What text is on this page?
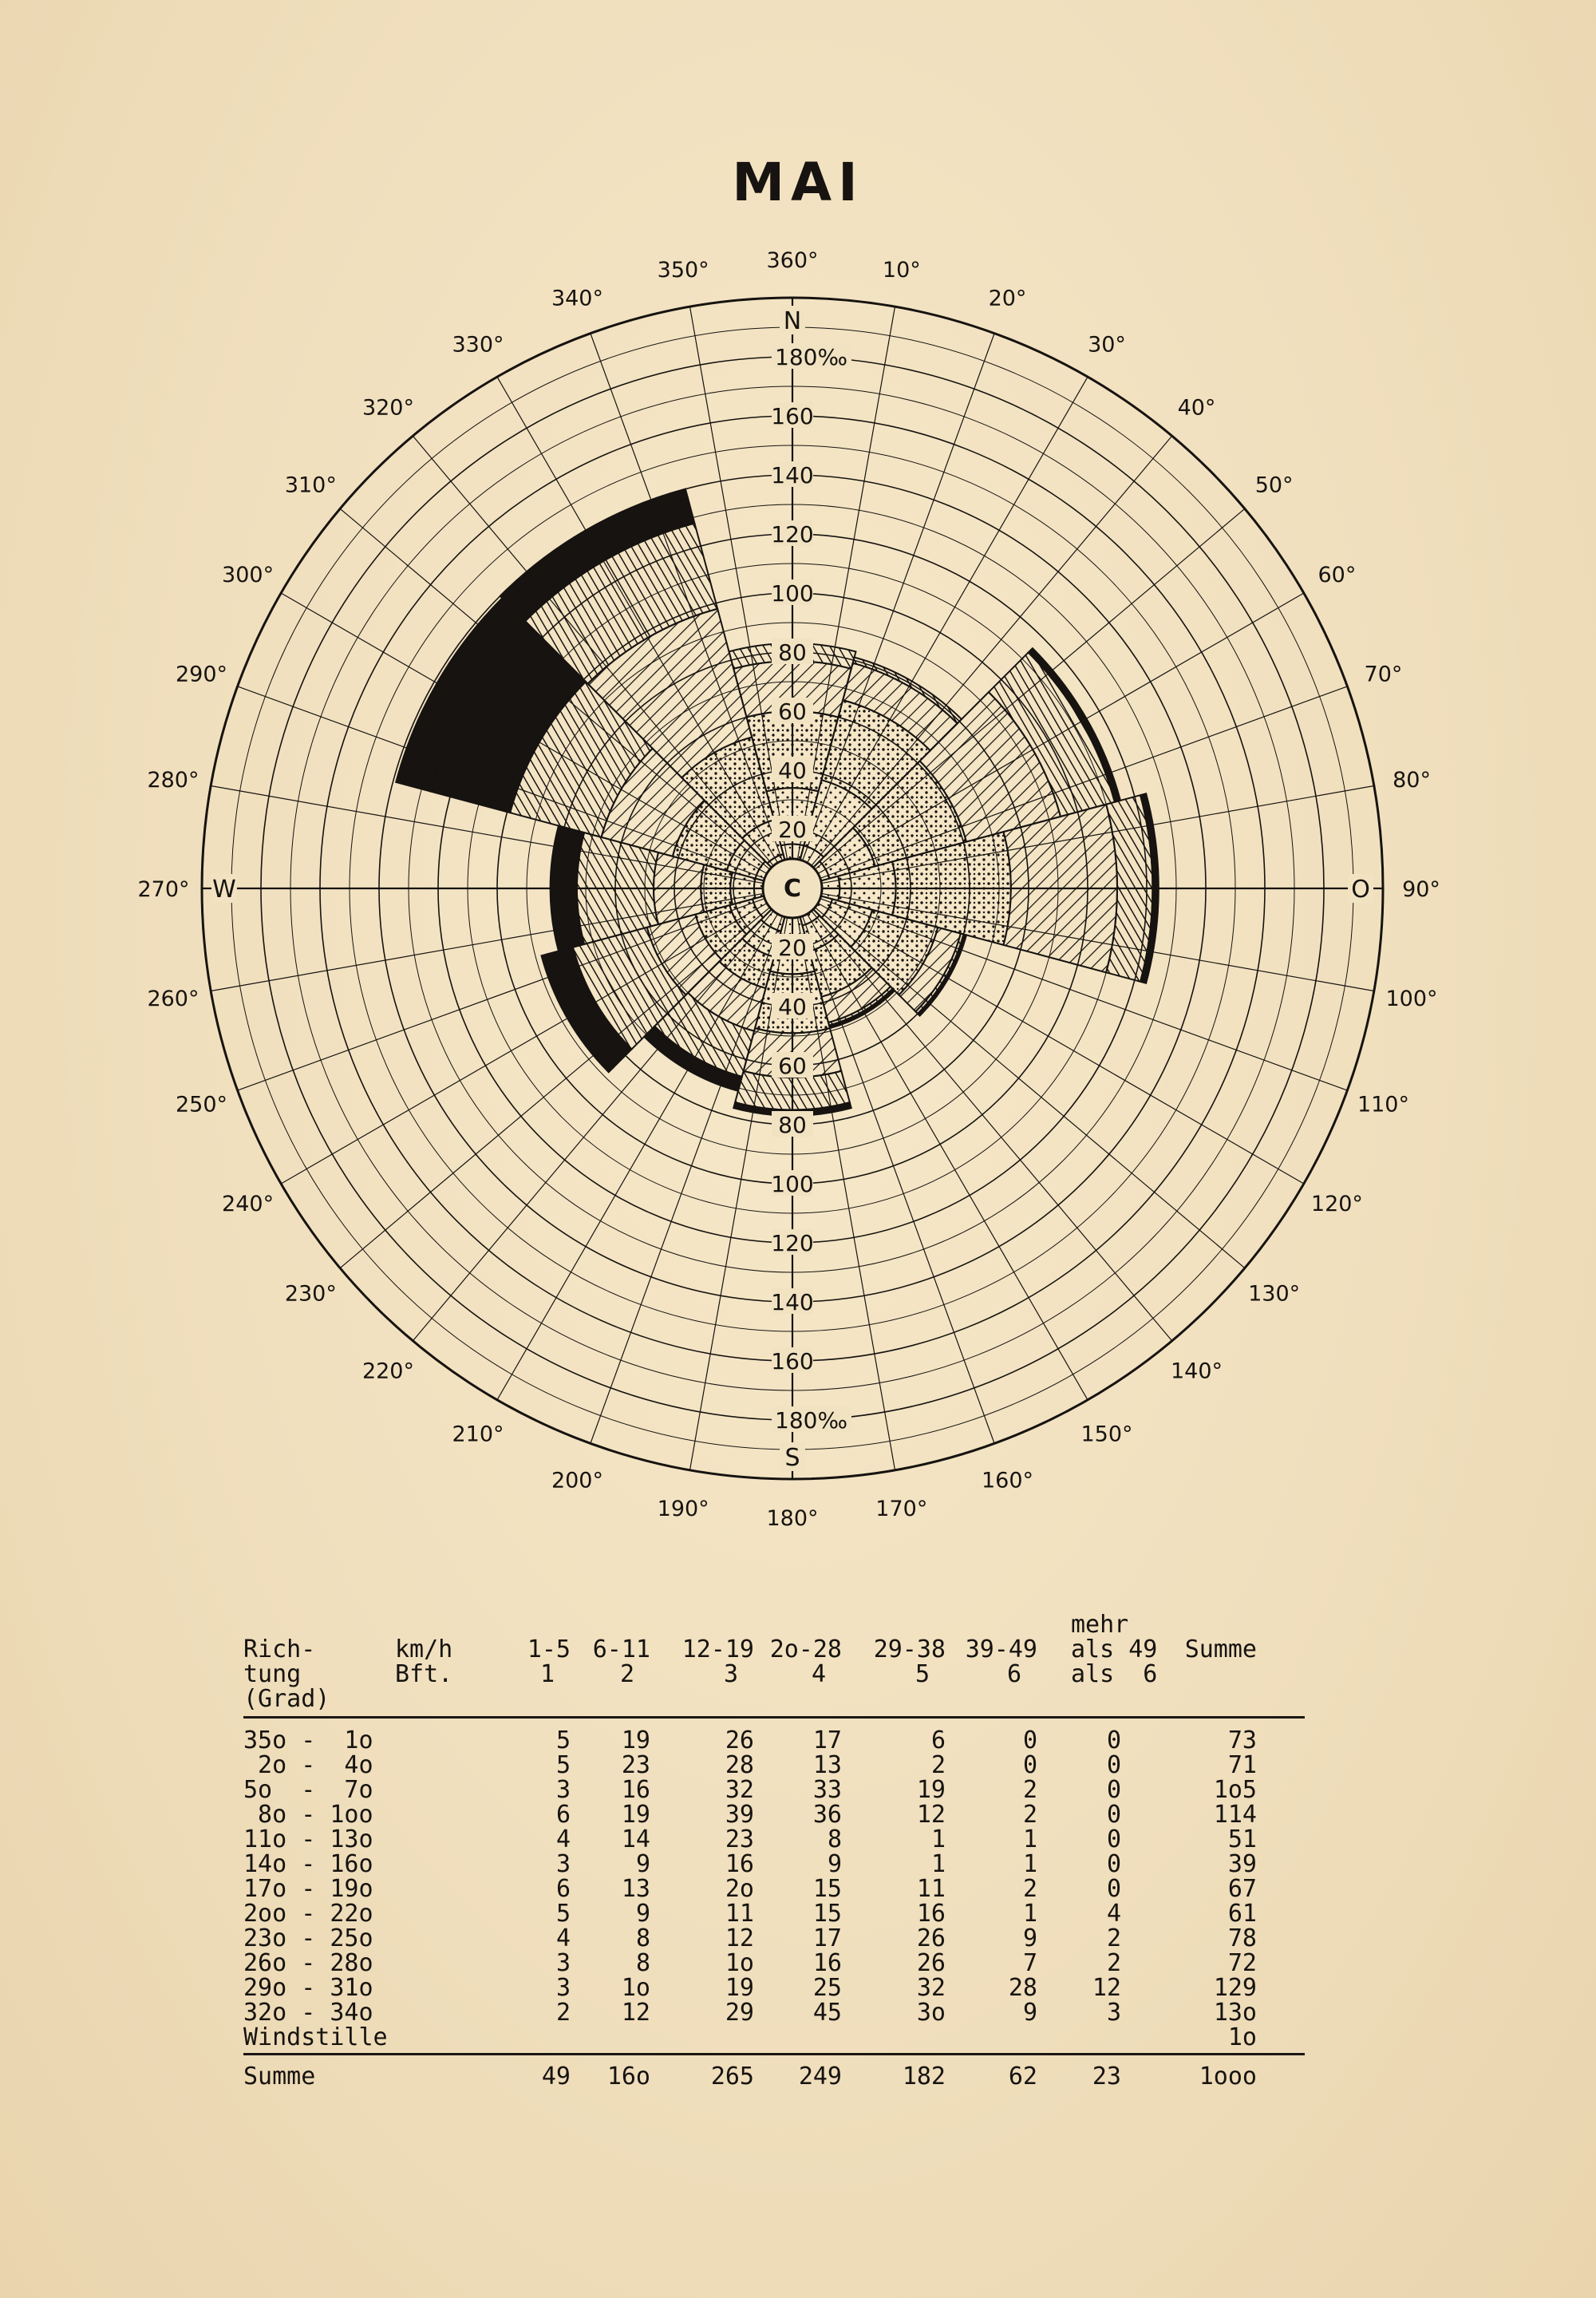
MAI
C
20
40
60
80
100
120
140
160
180‰
20
40
60
80
100
120
140
160
180‰
N
S
O
W
360°	10°
20°
30°
40°
50°
60°
70°
80°
90°
100°
110°
120°
130°
140°
150°
160°
170°
180°
190°
200°
210°
220°
230°
240°
250°
260°
270°
280°
290°
300°
310°
320°
330°
340°
350°
mehr
Rich-	km/h	1-5 6-11 12-19 2o-28 29-38 39-49 als 49 Summe
tung	Bft.	1	2	3	4	5	6 als  6
(Grad)
35o -  1o	5 19	26 17	6	0	0	73
2o -  4o	5 23	28 13	2	0	0	71
5o  -  7o	3 16	32 33	19	2	0	1o5
8o - 1oo	6 19	39 36	12	2	0	114
11o - 13o	4 14	23	8	1	1	0	51
14o - 16o	3	9	16	9	1	1	0	39
17o - 19o	6 13	2o 15	11	2	0	67
2oo - 22o	5	9	11 15	16	1	4	61
23o - 25o	4	8	12 17	26	9	2	78
26o - 28o	3	8	1o 16	26	7	2	72
29o - 31o	3 1o	19 25	32	28 12	129
32o - 34o	2 12	29 45	3o	9	3	13o
Windstille	1o
Summe	49 16o	265 249	182	62 23	1ooo
